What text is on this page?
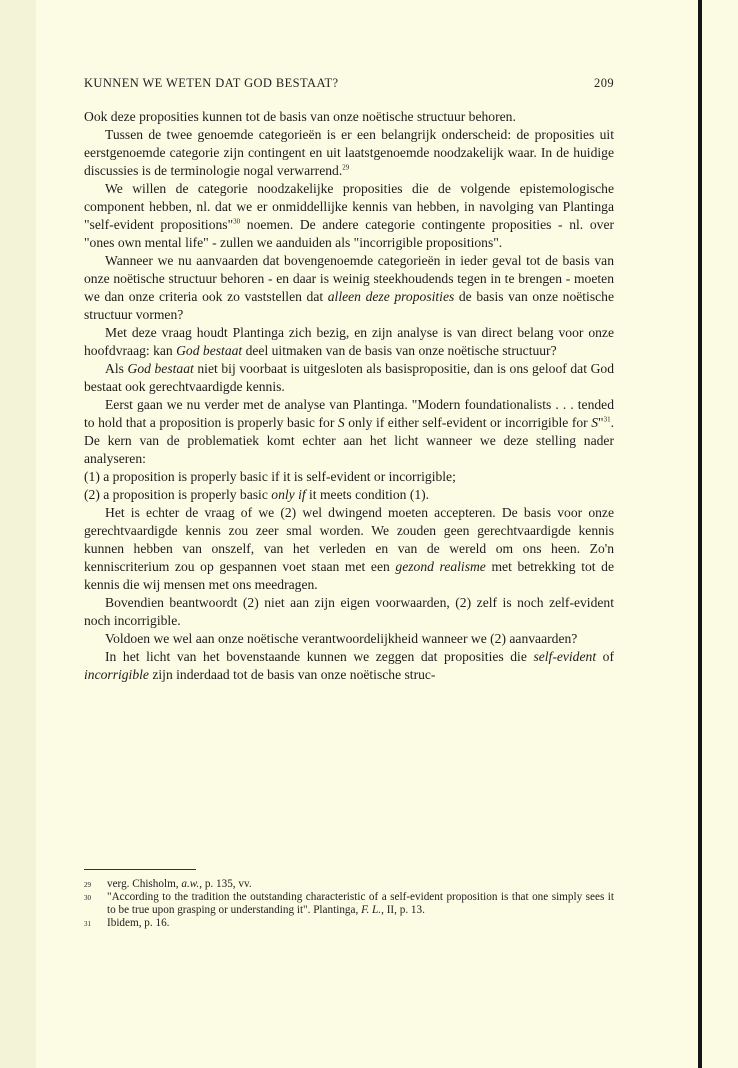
KUNNEN WE WETEN DAT GOD BESTAAT?	209

Ook deze proposities kunnen tot de basis van onze noëtische structuur behoren.

Tussen de twee genoemde categorieën is er een belangrijk onderscheid: de proposities uit eerstgenoemde categorie zijn contingent en uit laatstgenoemde noodzakelijk waar. In de huidige discussies is de terminologie nogal verwarrend.$^{29}$

We willen de categorie noodzakelijke proposities die de volgende epistemologische component hebben, nl. dat we er onmiddellijke kennis van hebben, in navolging van Plantinga "self-evident propositions"$^{30}$ noemen. De andere categorie contingente proposities - nl. over "ones own mental life" - zullen we aanduiden als "incorrigible propositions".

Wanneer we nu aanvaarden dat bovengenoemde categorieën in ieder geval tot de basis van onze noëtische structuur behoren - en daar is weinig steekhoudends tegen in te brengen - moeten we dan onze criteria ook zo vaststellen dat alleen deze proposities de basis van onze noëtische structuur vormen?

Met deze vraag houdt Plantinga zich bezig, en zijn analyse is van direct belang voor onze hoofdvraag: kan God bestaat deel uitmaken van de basis van onze noëtische structuur?

Als God bestaat niet bij voorbaat is uitgesloten als basispropositie, dan is ons geloof dat God bestaat ook gerechtvaardigde kennis.

Eerst gaan we nu verder met de analyse van Plantinga. "Modern foundationalists . . . tended to hold that a proposition is properly basic for S only if either self-evident or incorrigible for S"$^{31}$. De kern van de problematiek komt echter aan het licht wanneer we deze stelling nader analyseren:

(1) a proposition is properly basic if it is self-evident or incorrigible;

(2) a proposition is properly basic only if it meets condition (1).

Het is echter de vraag of we (2) wel dwingend moeten accepteren. De basis voor onze gerechtvaardigde kennis zou zeer smal worden. We zouden geen gerechtvaardigde kennis kunnen hebben van onszelf, van het verleden en van de wereld om ons heen. Zo'n kenniscriterium zou op gespannen voet staan met een gezond realisme met betrekking tot de kennis die wij mensen met ons meedragen.

Bovendien beantwoordt (2) niet aan zijn eigen voorwaarden, (2) zelf is noch zelf-evident noch incorrigible.

Voldoen we wel aan onze noëtische verantwoordelijkheid wanneer we (2) aanvaarden?

In het licht van het bovenstaande kunnen we zeggen dat proposities die self-evident of incorrigible zijn inderdaad tot de basis van onze noëtische struc-

29 verg. Chisholm, a.w., p. 135, vv.
30 "According to the tradition the outstanding characteristic of a self-evident proposition is that one simply sees it to be true upon grasping or understanding it". Plantinga, F. L., II, p. 13.
31 Ibidem, p. 16.
